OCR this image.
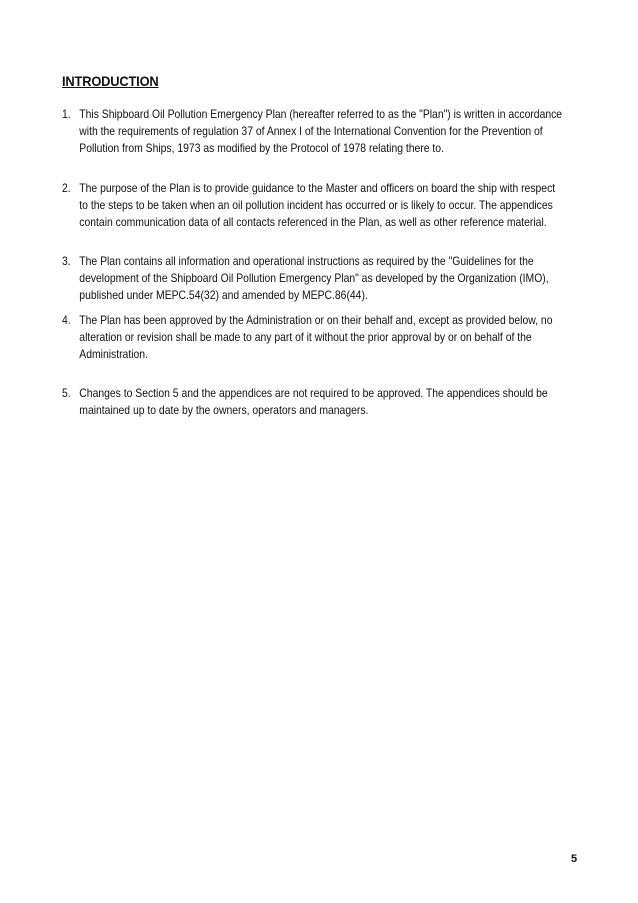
INTRODUCTION
1. This Shipboard Oil Pollution Emergency Plan (hereafter referred to as the "Plan") is written in accordance with the requirements of regulation 37 of Annex I of the International Convention for the Prevention of Pollution from Ships, 1973 as modified by the Protocol of 1978 relating there to.
2. The purpose of the Plan is to provide guidance to the Master and officers on board the ship with respect to the steps to be taken when an oil pollution incident has occurred or is likely to occur. The appendices contain communication data of all contacts referenced in the Plan, as well as other reference material.
3. The Plan contains all information and operational instructions as required by the "Guidelines for the development of the Shipboard Oil Pollution Emergency Plan" as developed by the Organization (IMO), published under MEPC.54(32) and amended by MEPC.86(44).
4. The Plan has been approved by the Administration or on their behalf and, except as provided below, no alteration or revision shall be made to any part of it without the prior approval by or on behalf of the Administration.
5. Changes to Section 5 and the appendices are not required to be approved. The appendices should be maintained up to date by the owners, operators and managers.
5
